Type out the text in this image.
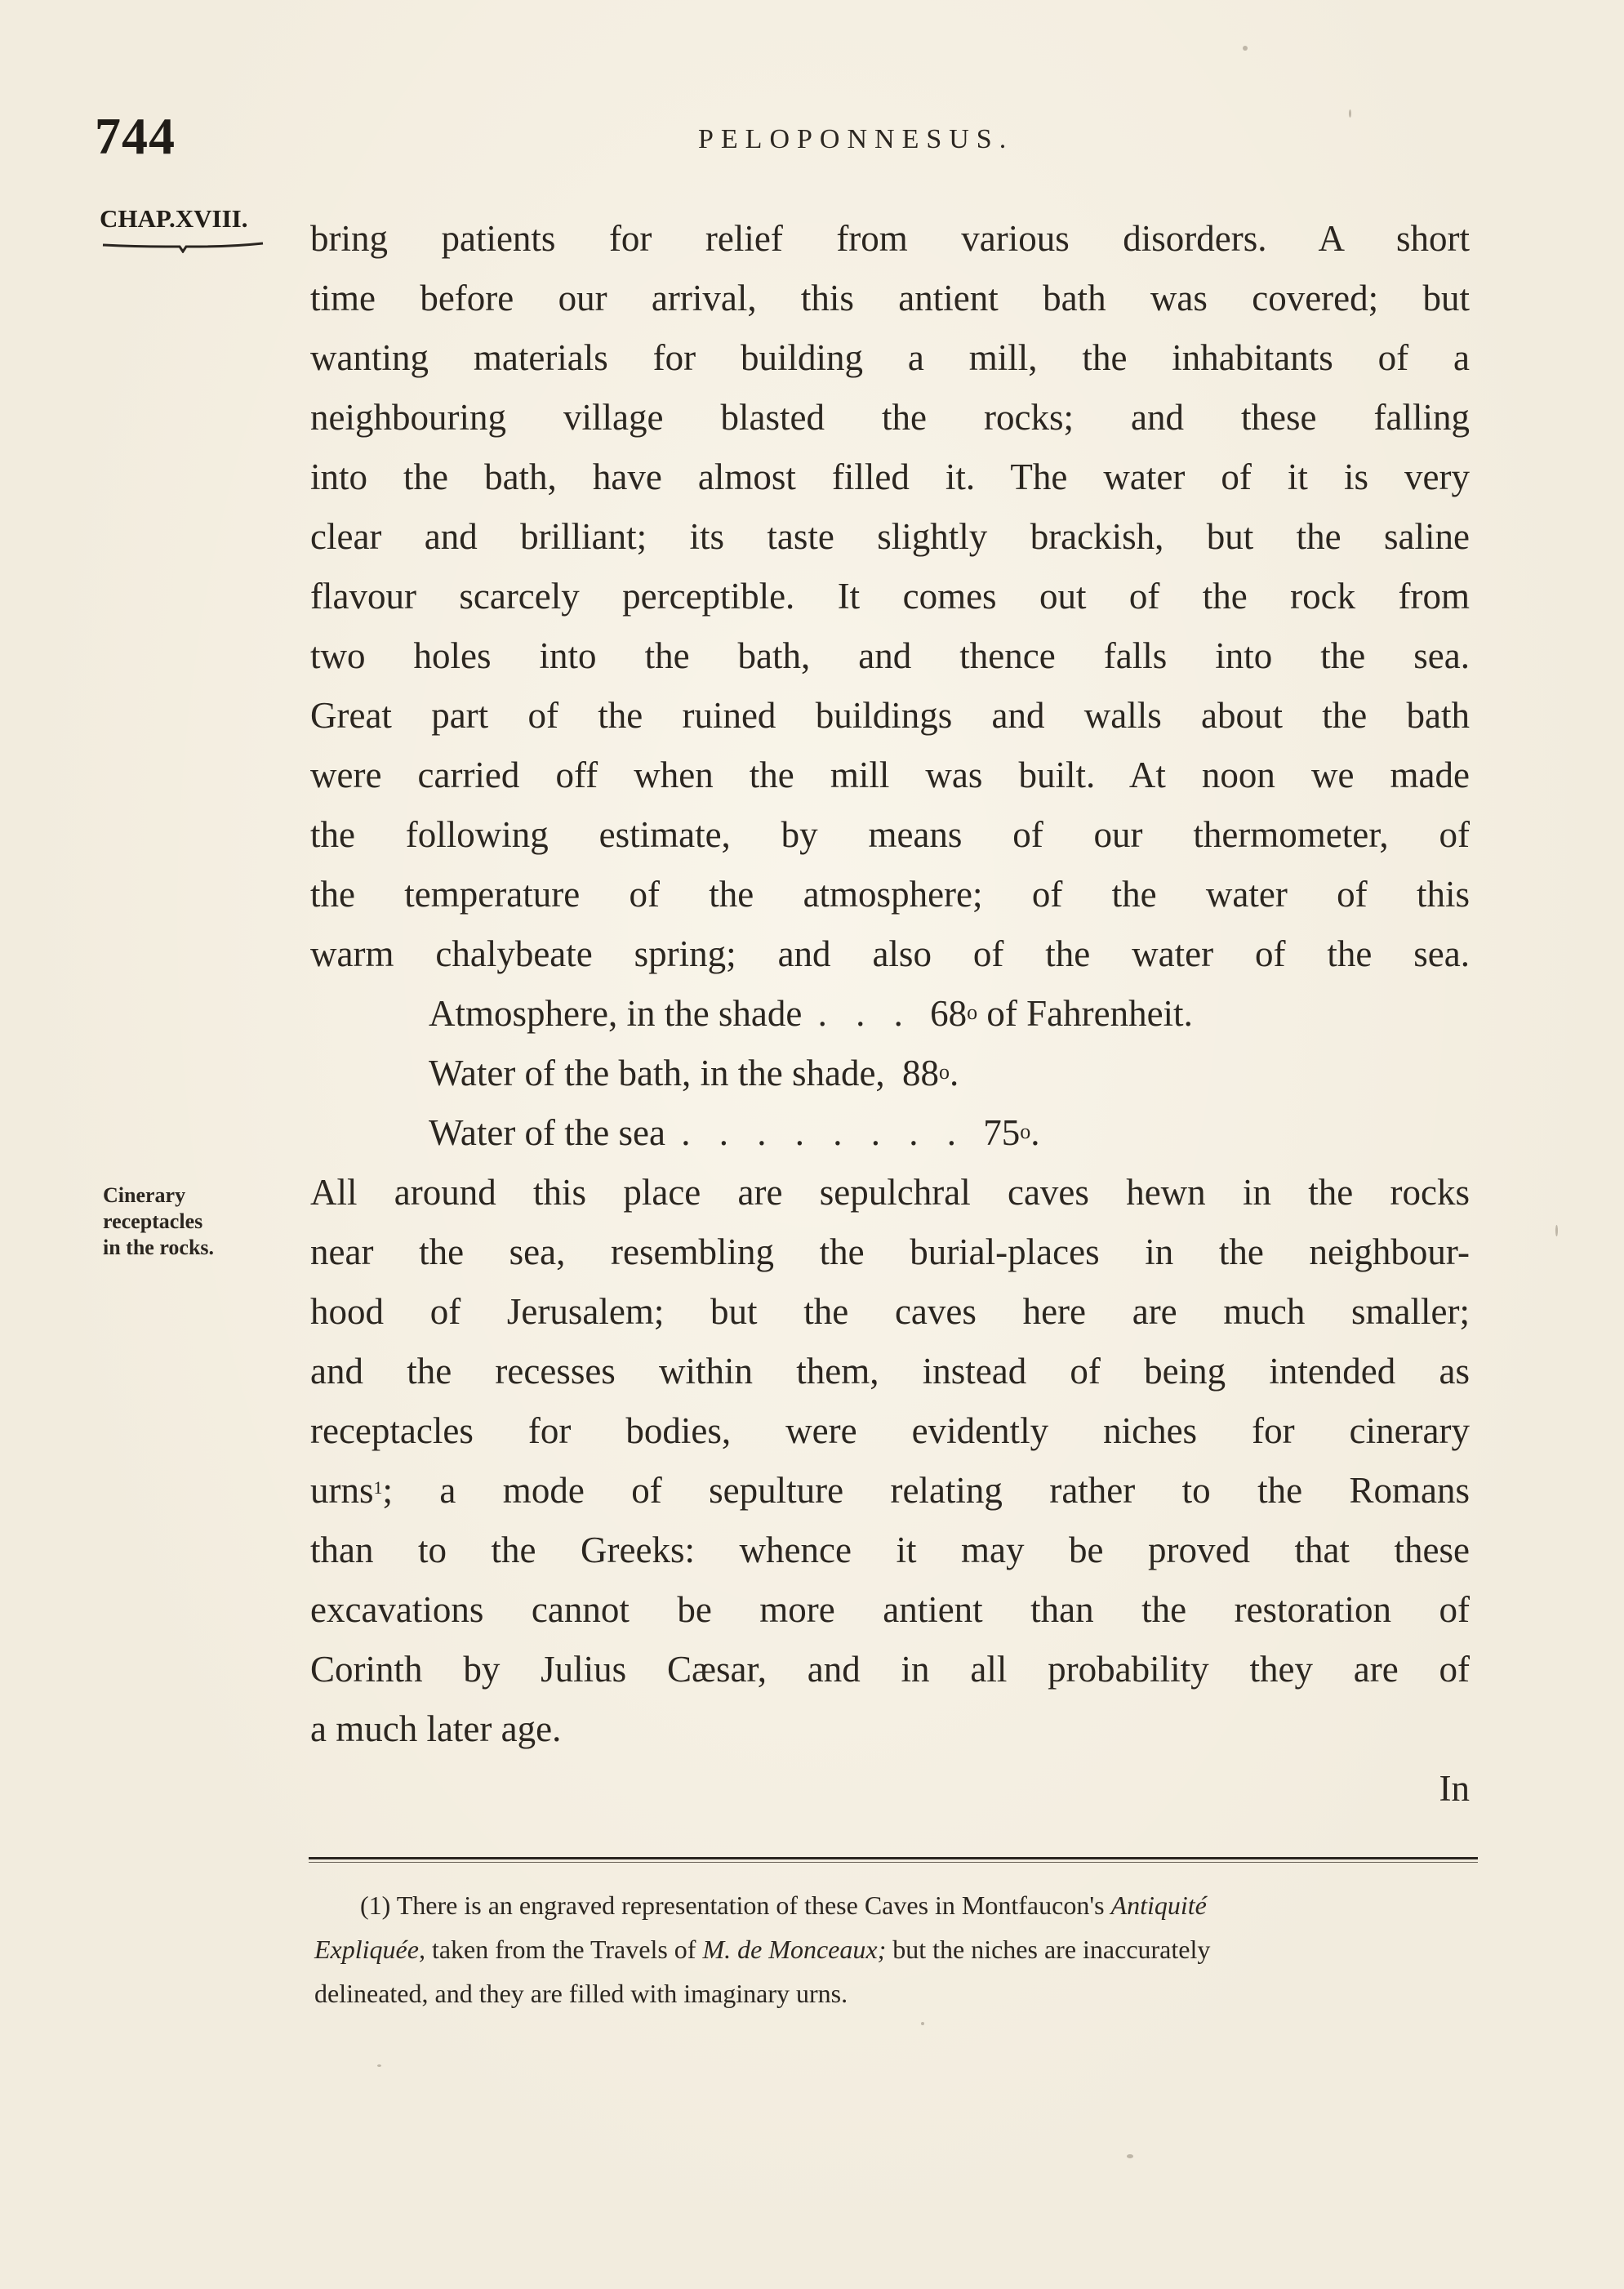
744	PELOPONNESUS.
CHAP.XVIII.
Cinerary
receptacles
in the rocks.
bring patients for relief from various disorders. A short
time before our arrival, this antient bath was covered; but
wanting materials for building a mill, the inhabitants of a
neighbouring village blasted the rocks; and these falling
into the bath, have almost filled it. The water of it is very
clear and brilliant; its taste slightly brackish, but the saline
flavour scarcely perceptible. It comes out of the rock from
two holes into the bath, and thence falls into the sea.
Great part of the ruined buildings and walls about the bath
were carried off when the mill was built. At noon we made
the following estimate, by means of our thermometer, of
the temperature of the atmosphere; of the water of this
warm chalybeate spring; and also of the water of the sea.
Atmosphere, in the shade . . . 68$^o$ of Fahrenheit.
Water of the bath, in the shade, 88$^o$.
Water of the sea . . . . . . . . 75$^o$.
All around this place are sepulchral caves hewn in the rocks
near the sea, resembling the burial-places in the neighbour-
hood of Jerusalem; but the caves here are much smaller;
and the recesses within them, instead of being intended as
receptacles for bodies, were evidently niches for cinerary
urns$^1$; a mode of sepulture relating rather to the Romans
than to the Greeks: whence it may be proved that these
excavations cannot be more antient than the restoration of
Corinth by Julius Cæsar, and in all probability they are of
a much later age.
In
(1) There is an engraved representation of these Caves in Montfaucon's Antiquité
Expliquée, taken from the Travels of M. de Monceaux; but the niches are inaccurately
delineated, and they are filled with imaginary urns.
